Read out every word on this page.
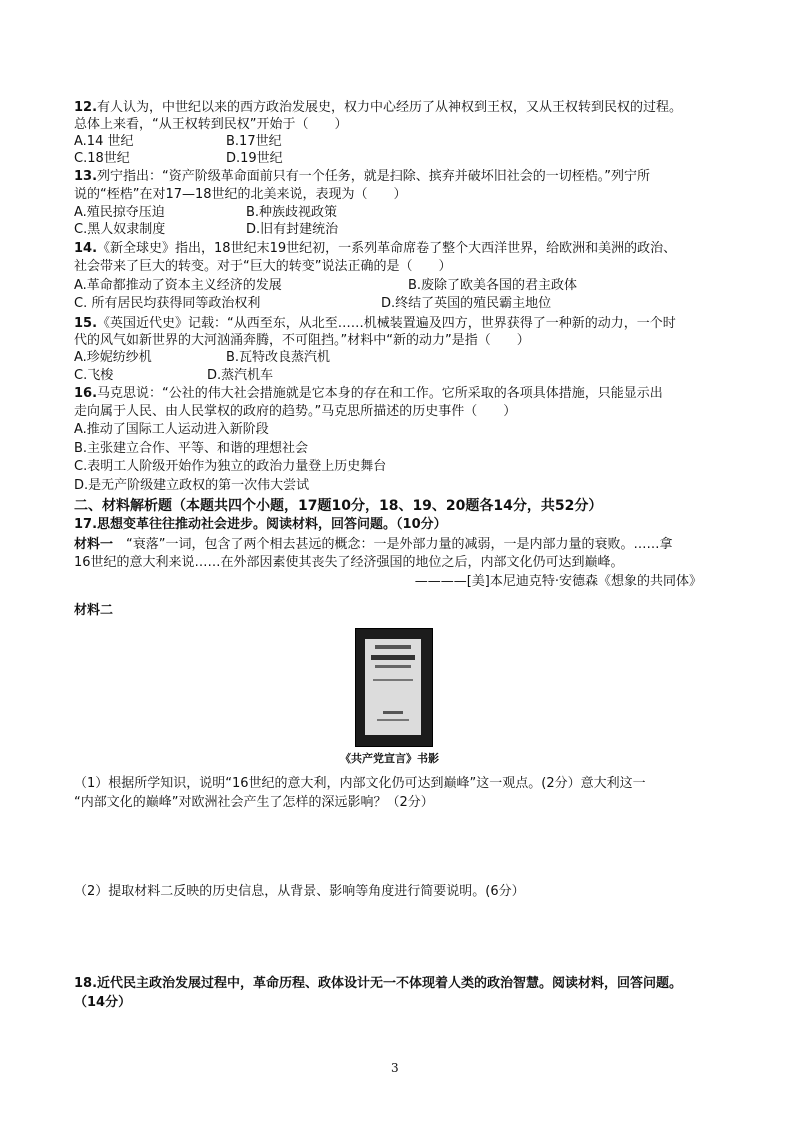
12.有人认为，中世纪以来的西方政治发展史，权力中心经历了从神权到王权，又从王权转到民权的过程。
总体上来看，“从王权转到民权”开始于（　　）
A.14 世纪	B.17世纪
C.18世纪	D.19世纪
13.列宁指出：“资产阶级革命面前只有一个任务，就是扫除、摈弃并破坏旧社会的一切桎梏。”列宁所
说的“桎梏”在对17—18世纪的北美来说，表现为（　　）
A.殖民掠夺压迫	B.种族歧视政策
C.黑人奴隶制度	D.旧有封建统治
14.《新全球史》指出，18世纪末19世纪初，一系列革命席卷了整个大西洋世界，给欧洲和美洲的政治、
社会带来了巨大的转变。对于“巨大的转变”说法正确的是（　　）
A.革命都推动了资本主义经济的发展	B.废除了欧美各国的君主政体
C. 所有居民均获得同等政治权利	D.终结了英国的殖民霸主地位
15.《英国近代史》记载：“从西至东，从北至……机械装置遍及四方，世界获得了一种新的动力，一个时
代的风气如新世界的大河汹涌奔腾，不可阻挡。”材料中“新的动力”是指（　　）
A.珍妮纺纱机	B.瓦特改良蒸汽机
C.飞梭	D.蒸汽机车
16.马克思说：“公社的伟大社会措施就是它本身的存在和工作。它所采取的各项具体措施，只能显示出
走向属于人民、由人民掌权的政府的趋势。”马克思所描述的历史事件（　　）
A.推动了国际工人运动进入新阶段
B.主张建立合作、平等、和谐的理想社会
C.表明工人阶级开始作为独立的政治力量登上历史舞台
D.是无产阶级建立政权的第一次伟大尝试
二、材料解析题（本题共四个小题，17题10分，18、19、20题各14分，共52分）
17.思想变革往往推动社会进步。阅读材料，回答问题。（10分）
材料一　“衰落”一词，包含了两个相去甚远的概念：一是外部力量的减弱，一是内部力量的衰败。……拿
16世纪的意大利来说……在外部因素使其丧失了经济强国的地位之后，内部文化仍可达到巅峰。
————[美]本尼迪克特·安德森《想象的共同体》
材料二
《共产党宣言》书影
（1）根据所学知识，说明“16世纪的意大利，内部文化仍可达到巅峰”这一观点。(2分）意大利这一
“内部文化的巅峰”对欧洲社会产生了怎样的深远影响？（2分）
（2）提取材料二反映的历史信息，从背景、影响等角度进行简要说明。(6分）
18.近代民主政治发展过程中，革命历程、政体设计无一不体现着人类的政治智慧。阅读材料，回答问题。
（14分）
3
